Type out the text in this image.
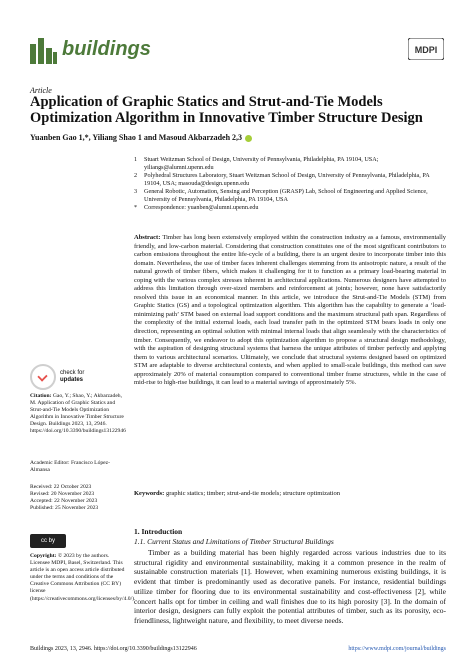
buildings	MDPI
Article
Application of Graphic Statics and Strut-and-Tie Models Optimization Algorithm in Innovative Timber Structure Design
Yuanben Gao 1,*, Yiliang Shao 1 and Masoud Akbarzadeh 2,3
1	Stuart Weitzman School of Design, University of Pennsylvania, Philadelphia, PA 19104, USA; yiliangs@alumni.upenn.edu
2	Polyhedral Structures Laboratory, Stuart Weitzman School of Design, University of Pennsylvania, Philadelphia, PA 19104, USA; masouda@design.upenn.edu
3	General Robotic, Automation, Sensing and Perception (GRASP) Lab, School of Engineering and Applied Science, University of Pennsylvania, Philadelphia, PA 19104, USA
*	Correspondence: yuanben@alumni.upenn.edu
Abstract: Timber has long been extensively employed within the construction industry as a famous, environmentally friendly, and low-carbon material. Considering that construction constitutes one of the most significant contributors to carbon emissions throughout the entire life-cycle of a building, there is an urgent desire to incorporate timber into this domain. Nevertheless, the use of timber faces inherent challenges stemming from its anisotropic nature, a result of the natural growth of timber fibers, which makes it challenging for it to function as a primary load-bearing material in coping with the various complex stresses inherent in architectural applications. Numerous designers have attempted to address this limitation through over-sized members and reinforcement at joints; however, none have satisfactorily resolved this issue in an economical manner. In this article, we introduce the Strut-and-Tie Models (STM) from Graphic Statics (GS) and a topological optimization algorithm. This algorithm has the capability to generate a ‘load-minimizing path’ STM based on external load support conditions and the maximum structural path span. Regardless of the complexity of the initial external loads, each load transfer path in the optimized STM bears loads in only one direction, representing an optimal solution with minimal internal loads that align seamlessly with the characteristics of timber. Consequently, we endeavor to adopt this optimization algorithm to propose a structural design methodology, with the aspiration of designing structural systems that harness the unique attributes of timber perfectly and applying them to various architectural scenarios. Ultimately, we conclude that structural systems designed based on optimized STM are adaptable to diverse architectural contexts, and when applied to small-scale buildings, this method can save approximately 20% of material consumption compared to conventional timber frame structures, while in the case of mid-rise to high-rise buildings, it can lead to a material savings of approximately 5%.
Keywords: graphic statics; timber; strut-and-tie models; structure optimization
check for
updates
Citation: Gao, Y.; Shao, Y.; Akbarzadeh, M. Application of Graphic Statics and Strut-and-Tie Models Optimization Algorithm in Innovative Timber Structure Design. Buildings 2023, 13, 2946. https://doi.org/10.3390/buildings13122946
Academic Editor: Francisco López-Almansa
Received: 22 October 2023
Revised: 20 November 2023
Accepted: 22 November 2023
Published: 25 November 2023
cc by
Copyright: © 2023 by the authors. Licensee MDPI, Basel, Switzerland. This article is an open access article distributed under the terms and conditions of the Creative Commons Attribution (CC BY) license (https://creativecommons.org/licenses/by/4.0/).
1. Introduction
1.1. Current Status and Limitations of Timber Structural Buildings
Timber as a building material has been highly regarded across various industries due to its structural rigidity and environmental sustainability, making it a common presence in the realm of sustainable construction materials [1]. However, when examining numerous existing buildings, it is evident that timber is predominantly used as decorative panels. For instance, residential buildings utilize timber for flooring due to its environmental sustainability and cost-effectiveness [2], while concert halls opt for timber in ceiling and wall finishes due to its high porosity [3]. In the domain of interior design, designers can fully exploit the potential attributes of timber, such as its porosity, eco-friendliness, lightweight nature, and flexibility, to meet diverse needs.
Buildings 2023, 13, 2946. https://doi.org/10.3390/buildings13122946	https://www.mdpi.com/journal/buildings
